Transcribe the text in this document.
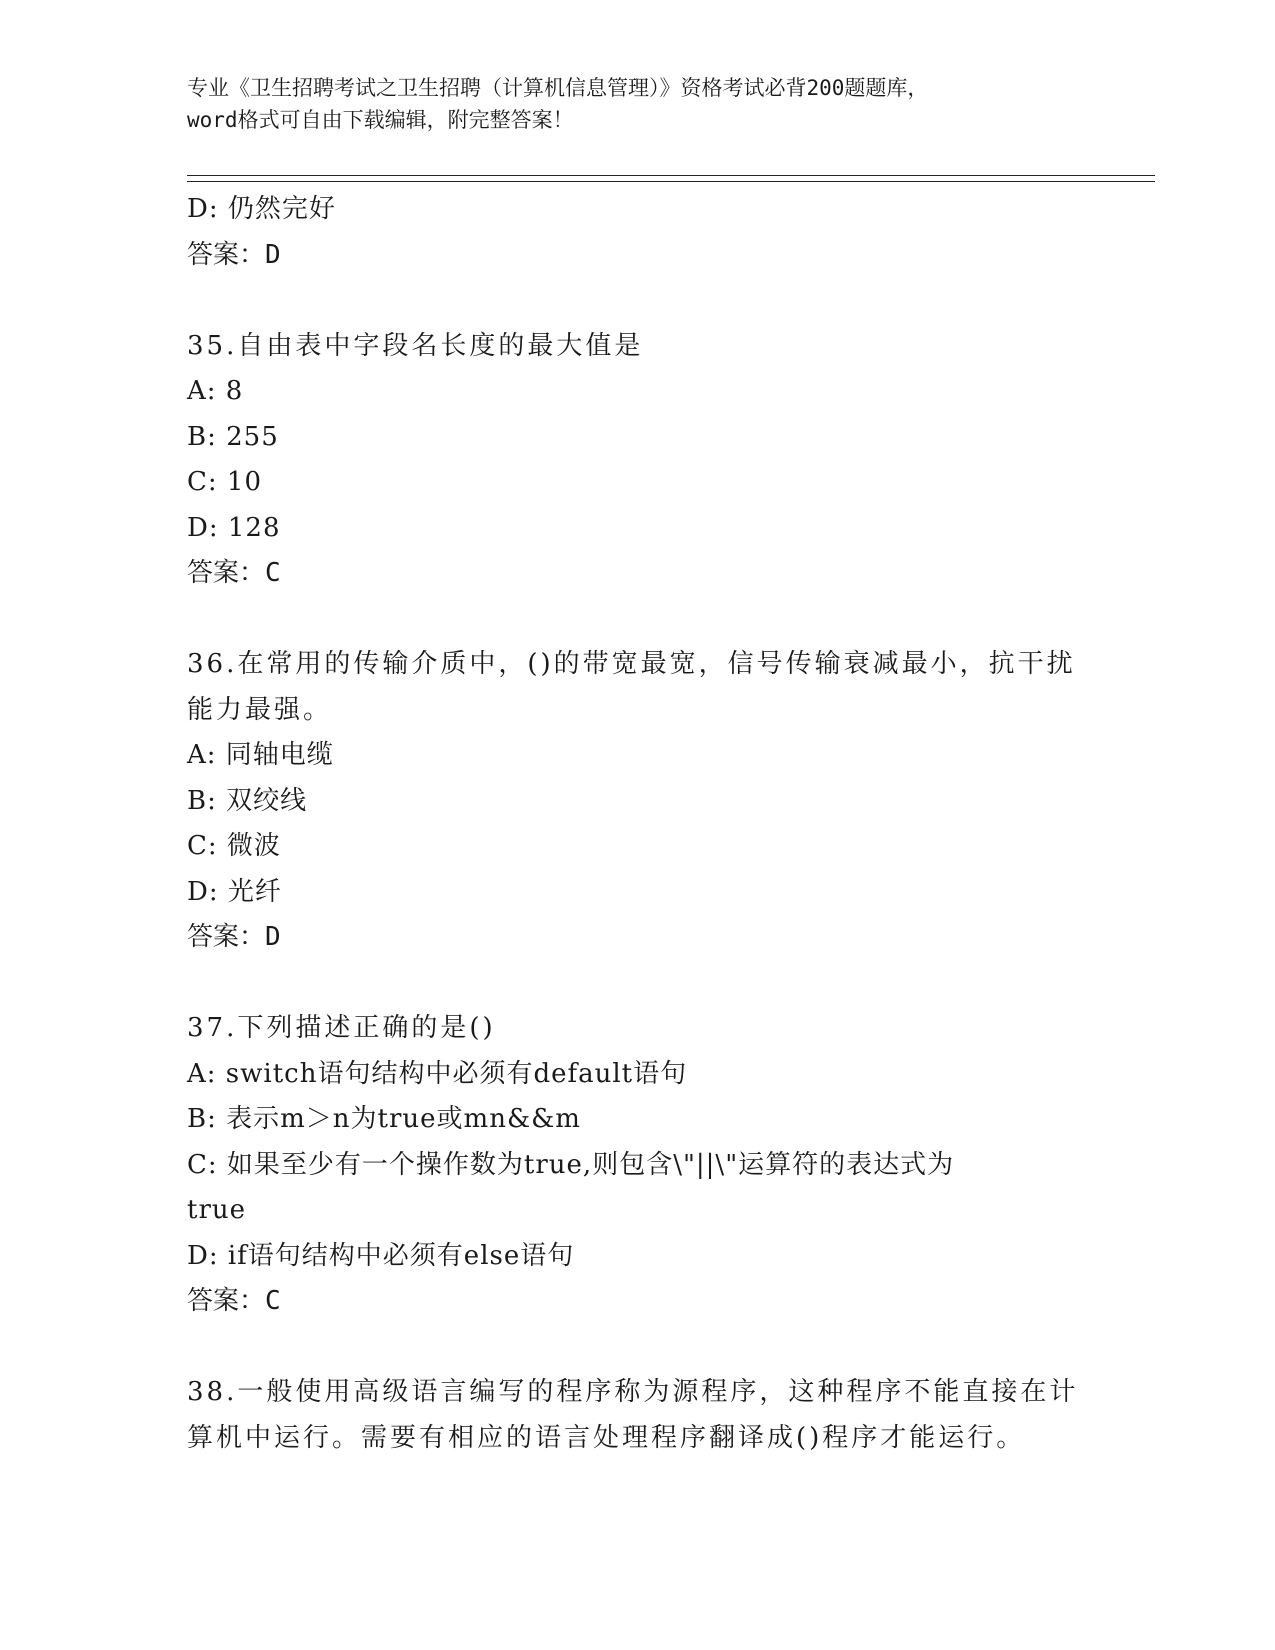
专业《卫生招聘考试之卫生招聘（计算机信息管理）》资格考试必背200题题库，
word格式可自由下载编辑，附完整答案！
D: 仍然完好
答案：D
35.自由表中字段名长度的最大值是
A: 8
B: 255
C: 10
D: 128
答案：C
36.在常用的传输介质中，()的带宽最宽，信号传输衰减最小，抗干扰
能力最强。
A: 同轴电缆
B: 双绞线
C: 微波
D: 光纤
答案：D
37.下列描述正确的是()
A: switch语句结构中必须有default语句
B: 表示m＞n为true或mn&&m
C: 如果至少有一个操作数为true,则包含\"||\"运算符的表达式为
true
D: if语句结构中必须有else语句
答案：C
38.一般使用高级语言编写的程序称为源程序，这种程序不能直接在计
算机中运行。需要有相应的语言处理程序翻译成()程序才能运行。
